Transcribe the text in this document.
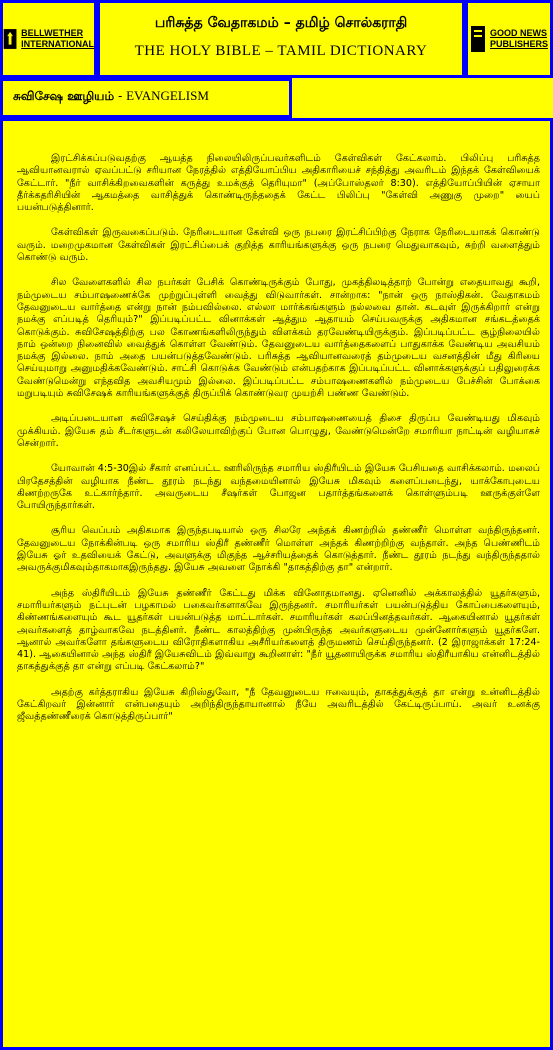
BELLWETHER
INTERNATIONAL
பரிசுத்த வேதாகமம் – தமிழ் சொல்கராதி
THE HOLY BIBLE – TAMIL DICTIONARY
GOOD NEWS
PUBLISHERS
சுவிசேஷ ஊழியம் - EVANGELISM

இரட்சிக்கப்படுவதற்கு ஆயத்த நிலையிலிருப்பவர்களிடம் கேள்விகள் கேட்கலாம். பிலிப்பு பரிசுத்த ஆவியானவரால் ஏவப்பட்டு சரியான நேரத்தில் எத்தியோப்பிய அதிகாரியைச் சந்தித்து அவரிடம் இந்தக் கேள்வியைக் கேட்டார். "நீர் வாசிக்கிறவைகளின் கருத்து உமக்குத் தெரியுமா" (அப்போஸ்தலர் 8:30). எத்தியோப்பியின் ஏசாயா தீர்க்கதரிசியின் ஆகமத்தை வாசித்துக் கொண்டிருந்ததைக் கேட்ட பிலிப்பு "கேள்வி அணுகு முறை" யைப் பயன்படுத்தினார்.

கேள்விகள் இருவகைப்படும். நேரிடையான கேள்வி ஒரு நபரை இரட்சிப்பிற்கு நேராக நேரிடையாகக் கொண்டு வரும். மறைமுகமான கேள்விகள் இரட்சிப்பைக் குறித்த காரியங்களுக்கு ஒரு நபரை மெதுவாகவும், சுற்றி வளைத்தும் கொண்டு வரும்.

சில வேளைகளில் சில நபர்கள் பேசிக் கொண்டிருக்கும் போது, முகத்திலடித்தாற் போன்று எதையாவது கூறி, நம்முடைய சம்பாஷணைக்கே முற்றுப்புள்ளி வைத்து விடுவார்கள். சான்றாக: "நான் ஒரு நாஸ்திகன். வேதாகமம் தேவனுடைய வார்த்தை என்று நான் நம்பவில்லை. எல்லா மார்க்கங்களும் நல்லவை தான். கடவுள் இருக்கிறார் என்று நமக்கு எப்படித் தெரியும்?" இப்படிப்பட்ட வினாக்கள் ஆத்தும ஆதாயம் செய்பவருக்கு அதிகமான சங்கடத்தைக் கொடுக்கும். சுவிசேஷத்திற்கு பல கோணங்களிலிருந்தும் விளக்கம் தரவேண்டியிருக்கும். இப்படிப்பட்ட சூழ்நிலையில் நாம் ஒன்றை நினைவில் வைத்துக் கொள்ள வேண்டும். தேவனுடைய வார்த்தைகளைப் பாதுகாக்க வேண்டிய அவசியம் நமக்கு இல்லை. நாம் அதை பயன்படுத்தவேண்டும். பரிசுத்த ஆவியானவரைத் தம்முடைய வசனத்தின் மீது கிரியை செய்யுமாறு அனுமதிக்கவேண்டும். சாட்சி கொடுக்க வேண்டும் என்பதற்காக இப்படிப்பட்ட வினாக்களுக்குப் பதிலுரைக்க வேண்டுமென்று எந்தவித அவசியமும் இல்லை. இப்படிப்பட்ட சம்பாஷணைகளில் நம்முடைய பேச்சின் போக்கை மறுபடியும் சுவிசேஷக் காரியங்களுக்குத் திருப்பிக் கொண்டுவர முயற்சி பண்ண வேண்டும்.

அடிப்படையான சுவிசேஷச் செய்திக்கு நம்முடைய சம்பாஷணையைத் திசை திருப்ப வேண்டியது மிகவும் முக்கியம். இயேசு தம் சீடர்களுடன் கலிலேயாவிற்குப் போன பொழுது, வேண்டுமென்றே சமாரியா நாட்டின் வழியாகச் சென்றார்.

யோவான் 4:5-30இல் சீகார் எனப்பட்ட ஊரிலிருந்த சமாரிய ஸ்திரீயிடம் இயேசு பேசியதை வாசிக்கலாம். மலைப் பிரதேசத்தின் வழியாக நீண்ட தூரம் நடந்து வந்தமையினால் இயேசு மிகவும் களைப்படைந்து, யாக்கோபுடைய கிணற்றருகே உட்கார்ந்தார். அவருடைய சீஷர்கள் போஜன பதார்த்தங்களைக் கொள்ளும்படி ஊருக்குள்ளே போயிருந்தார்கள்.

சூரிய வெப்பம் அதிகமாக இருந்தபடியால் ஒரு சிலரே அந்தக் கிணற்றில் தண்ணீர் மொள்ள வந்திருந்தனர். தேவனுடைய நோக்கின்படி ஒரு சமாரிய ஸ்திரீ தண்ணீர் மொள்ள அந்தக் கிணற்றிற்கு வந்தாள். அந்த பெண்ணிடம் இயேசு ஓர் உதவியைக் கேட்டு, அவளுக்கு மிகுந்த ஆச்சரியத்தைக் கொடுத்தார். நீண்ட தூரம் நடந்து வந்திருந்ததால் அவருக்குமிகவும்தாகமாகஇருந்தது. இயேசு அவளை நோக்கி "தாகத்திற்கு தா" என்றார்.

அந்த ஸ்திரீயிடம் இயேசு தண்ணீர் கேட்டது மிக்க வினோதமானது. ஏனெனில் அக்காலத்தில் யூதர்களும், சமாரியர்களும் நட்புடன் பழகாமல் பகைவர்களாகவே இருந்தனர். சமாரியர்கள் பயன்படுத்திய கோப்பைகளையும், கிண்ணங்களையும் கூட யூதர்கள் பயன்படுத்த மாட்டார்கள். சமாரியர்கள் கலப்பினத்தவர்கள். ஆகையினால் யூதர்கள் அவர்களைத் தாழ்வாகவே நடத்தினர். நீண்ட காலத்திற்கு முன்பிருந்த அவர்களுடைய முன்னோர்களும் யூதர்களே. ஆனால் அவர்களோ தங்களுடைய விரோதிகளாகிய அசீரியர்களைத் திருமணம் செய்திருந்தனர். (2 இராஜாக்கள் 17:24-41). ஆகையினால் அந்த ஸ்திரீ இயேசுவிடம் இவ்வாறு கூறினாள்: "நீர் யூதனாயிருக்க சமாரிய ஸ்திரீயாகிய என்னிடத்தில் தாகத்துக்குத் தா என்று எப்படி கேட்கலாம்?"

அதற்கு கர்த்தராகிய இயேசு கிறிஸ்துவோ, "நீ தேவனுடைய ஈவையும், தாகத்துக்குத் தா என்று உன்னிடத்தில் கேட்கிறவர் இன்னார் என்பதையும் அறிந்திருந்தாயானால் நீயே அவரிடத்தில் கேட்டிருப்பாய். அவர் உனக்கு ஜீவத்தண்ணீரைக் கொடுத்திருப்பார்"
